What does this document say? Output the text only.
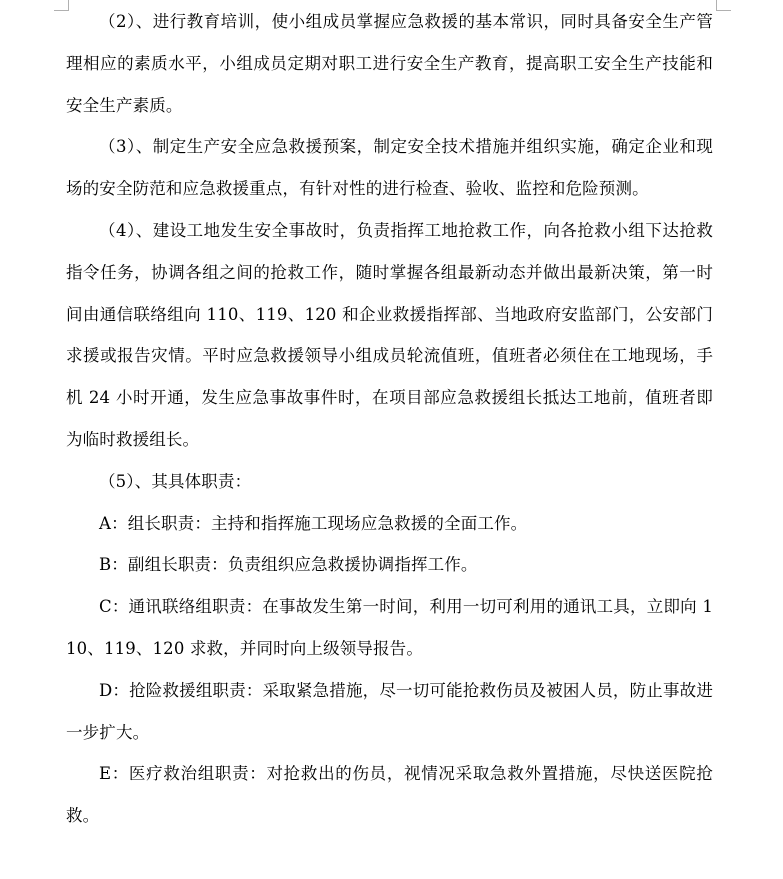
（2）、进行教育培训，使小组成员掌握应急救援的基本常识，同时具备安全生产管理相应的素质水平，小组成员定期对职工进行安全生产教育，提高职工安全生产技能和安全生产素质。

（3）、制定生产安全应急救援预案，制定安全技术措施并组织实施，确定企业和现场的安全防范和应急救援重点，有针对性的进行检查、验收、监控和危险预测。

（4）、建设工地发生安全事故时，负责指挥工地抢救工作，向各抢救小组下达抢救指令任务，协调各组之间的抢救工作，随时掌握各组最新动态并做出最新决策，第一时间由通信联络组向 110、119、120 和企业救援指挥部、当地政府安监部门，公安部门求援或报告灾情。平时应急救援领导小组成员轮流值班，值班者必须住在工地现场，手机 24 小时开通，发生应急事故事件时，在项目部应急救援组长抵达工地前，值班者即为临时救援组长。

（5）、其具体职责：

A：组长职责：主持和指挥施工现场应急救援的全面工作。

B：副组长职责：负责组织应急救援协调指挥工作。

C：通讯联络组职责：在事故发生第一时间，利用一切可利用的通讯工具，立即向 110、119、120 求救，并同时向上级领导报告。

D：抢险救援组职责：采取紧急措施，尽一切可能抢救伤员及被困人员，防止事故进一步扩大。

E：医疗救治组职责：对抢救出的伤员，视情况采取急救外置措施，尽快送医院抢救。
